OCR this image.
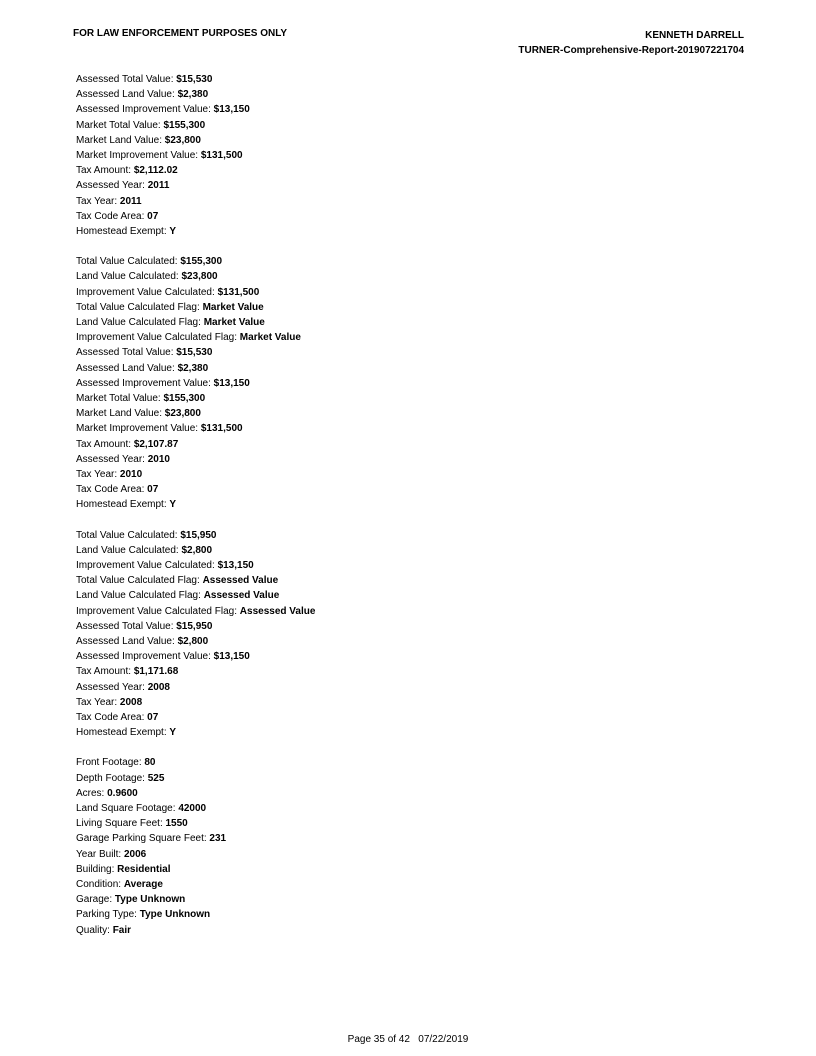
FOR LAW ENFORCEMENT PURPOSES ONLY	KENNETH DARRELL
TURNER-Comprehensive-Report-201907221704
Assessed Total Value: $15,530
Assessed Land Value: $2,380
Assessed Improvement Value: $13,150
Market Total Value: $155,300
Market Land Value: $23,800
Market Improvement Value: $131,500
Tax Amount: $2,112.02
Assessed Year: 2011
Tax Year: 2011
Tax Code Area: 07
Homestead Exempt: Y
Total Value Calculated: $155,300
Land Value Calculated: $23,800
Improvement Value Calculated: $131,500
Total Value Calculated Flag: Market Value
Land Value Calculated Flag: Market Value
Improvement Value Calculated Flag: Market Value
Assessed Total Value: $15,530
Assessed Land Value: $2,380
Assessed Improvement Value: $13,150
Market Total Value: $155,300
Market Land Value: $23,800
Market Improvement Value: $131,500
Tax Amount: $2,107.87
Assessed Year: 2010
Tax Year: 2010
Tax Code Area: 07
Homestead Exempt: Y
Total Value Calculated: $15,950
Land Value Calculated: $2,800
Improvement Value Calculated: $13,150
Total Value Calculated Flag: Assessed Value
Land Value Calculated Flag: Assessed Value
Improvement Value Calculated Flag: Assessed Value
Assessed Total Value: $15,950
Assessed Land Value: $2,800
Assessed Improvement Value: $13,150
Tax Amount: $1,171.68
Assessed Year: 2008
Tax Year: 2008
Tax Code Area: 07
Homestead Exempt: Y
Front Footage: 80
Depth Footage: 525
Acres: 0.9600
Land Square Footage: 42000
Living Square Feet: 1550
Garage Parking Square Feet: 231
Year Built: 2006
Building: Residential
Condition: Average
Garage: Type Unknown
Parking Type: Type Unknown
Quality: Fair
Page 35 of 42 07/22/2019
